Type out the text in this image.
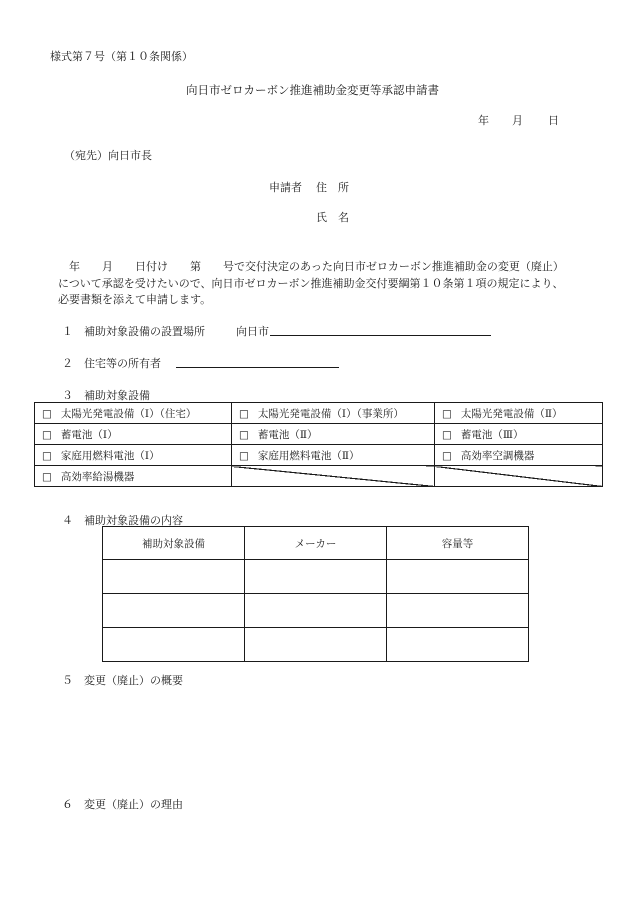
様式第７号（第１０条関係）
向日市ゼロカーボン推進補助金変更等承認申請書
年 月 日
（宛先）向日市長
申請者 住　所
氏　名
　年　　月　　日付け　　第　　号で交付決定のあった向日市ゼロカーボン推進補助金の変更（廃止）
について承認を受けたいので、向日市ゼロカーボン推進補助金交付要綱第１０条第１項の規定により、
必要書類を添えて申請します。
１　補助対象設備の設置場所	向日市
２　住宅等の所有者
３　補助対象設備
□ 太陽光発電設備（Ⅰ）（住宅）	□ 太陽光発電設備（Ⅰ）（事業所）	□ 太陽光発電設備（Ⅱ）
□ 蓄電池（Ⅰ）	□ 蓄電池（Ⅱ）	□ 蓄電池（Ⅲ）
□ 家庭用燃料電池（Ⅰ）	□ 家庭用燃料電池（Ⅱ）	□ 高効率空調機器
□ 高効率給湯機器		
４　補助対象設備の内容
補助対象設備	メーカー	容量等

５　変更（廃止）の概要
６　変更（廃止）の理由
